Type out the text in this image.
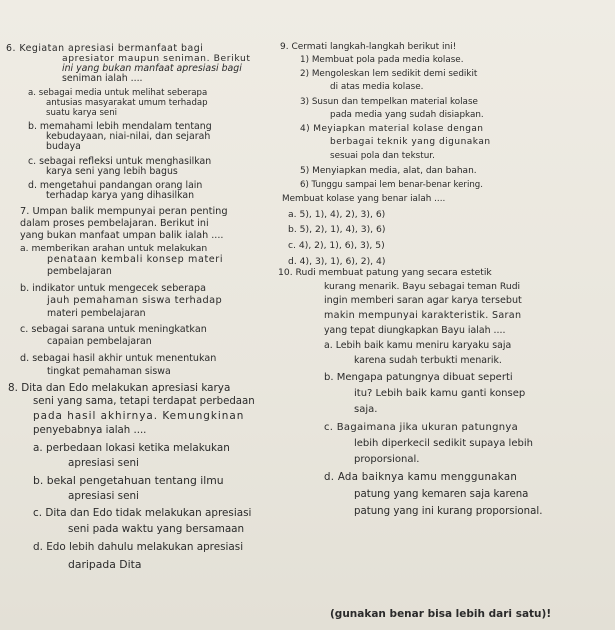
6. Kegiatan apresiasi bermanfaat bagi
apresiator maupun seniman. Berikut
ini yang bukan manfaat apresiasi bagi
seniman ialah ....
a. sebagai media untuk melihat seberapa
antusias masyarakat umum terhadap
suatu karya seni
b. memahami lebih mendalam tentang
kebudayaan, niai-nilai, dan sejarah
budaya
c. sebagai refleksi untuk menghasilkan
karya seni yang lebih bagus
d. mengetahui pandangan orang lain
terhadap karya yang dihasilkan
7. Umpan balik mempunyai peran penting
dalam proses pembelajaran. Berikut ini
yang bukan manfaat umpan balik ialah ....
a. memberikan arahan untuk melakukan
penataan kembali konsep materi
pembelajaran
b. indikator untuk mengecek seberapa
jauh pemahaman siswa terhadap
materi pembelajaran
c. sebagai sarana untuk meningkatkan
capaian pembelajaran
d. sebagai hasil akhir untuk menentukan
tingkat pemahaman siswa
8. Dita dan Edo melakukan apresiasi karya
seni yang sama, tetapi terdapat perbedaan
pada hasil akhirnya. Kemungkinan
penyebabnya ialah ....
a. perbedaan lokasi ketika melakukan
apresiasi seni
b. bekal pengetahuan tentang ilmu
apresiasi seni
c. Dita dan Edo tidak melakukan apresiasi
seni pada waktu yang bersamaan
d. Edo lebih dahulu melakukan apresiasi
daripada Dita
9. Cermati langkah-langkah berikut ini!
1) Membuat pola pada media kolase.
2) Mengoleskan lem sedikit demi sedikit
di atas media kolase.
3) Susun dan tempelkan material kolase
pada media yang sudah disiapkan.
4) Meyiapkan material kolase dengan
berbagai teknik yang digunakan
sesuai pola dan tekstur.
5) Menyiapkan media, alat, dan bahan.
6) Tunggu sampai lem benar-benar kering.
Membuat kolase yang benar ialah ....
a. 5), 1), 4), 2), 3), 6)
b. 5), 2), 1), 4), 3), 6)
c. 4), 2), 1), 6), 3), 5)
d. 4), 3), 1), 6), 2), 4)
10. Rudi membuat patung yang secara estetik
kurang menarik. Bayu sebagai teman Rudi
ingin memberi saran agar karya tersebut
makin mempunyai karakteristik. Saran
yang tepat diungkapkan Bayu ialah ....
a. Lebih baik kamu meniru karyaku saja
karena sudah terbukti menarik.
b. Mengapa patungnya dibuat seperti
itu? Lebih baik kamu ganti konsep
saja.
c. Bagaimana jika ukuran patungnya
lebih diperkecil sedikit supaya lebih
proporsional.
d. Ada baiknya kamu menggunakan
patung yang kemaren saja karena
patung yang ini kurang proporsional.
(gunakan benar bisa lebih dari satu)!
